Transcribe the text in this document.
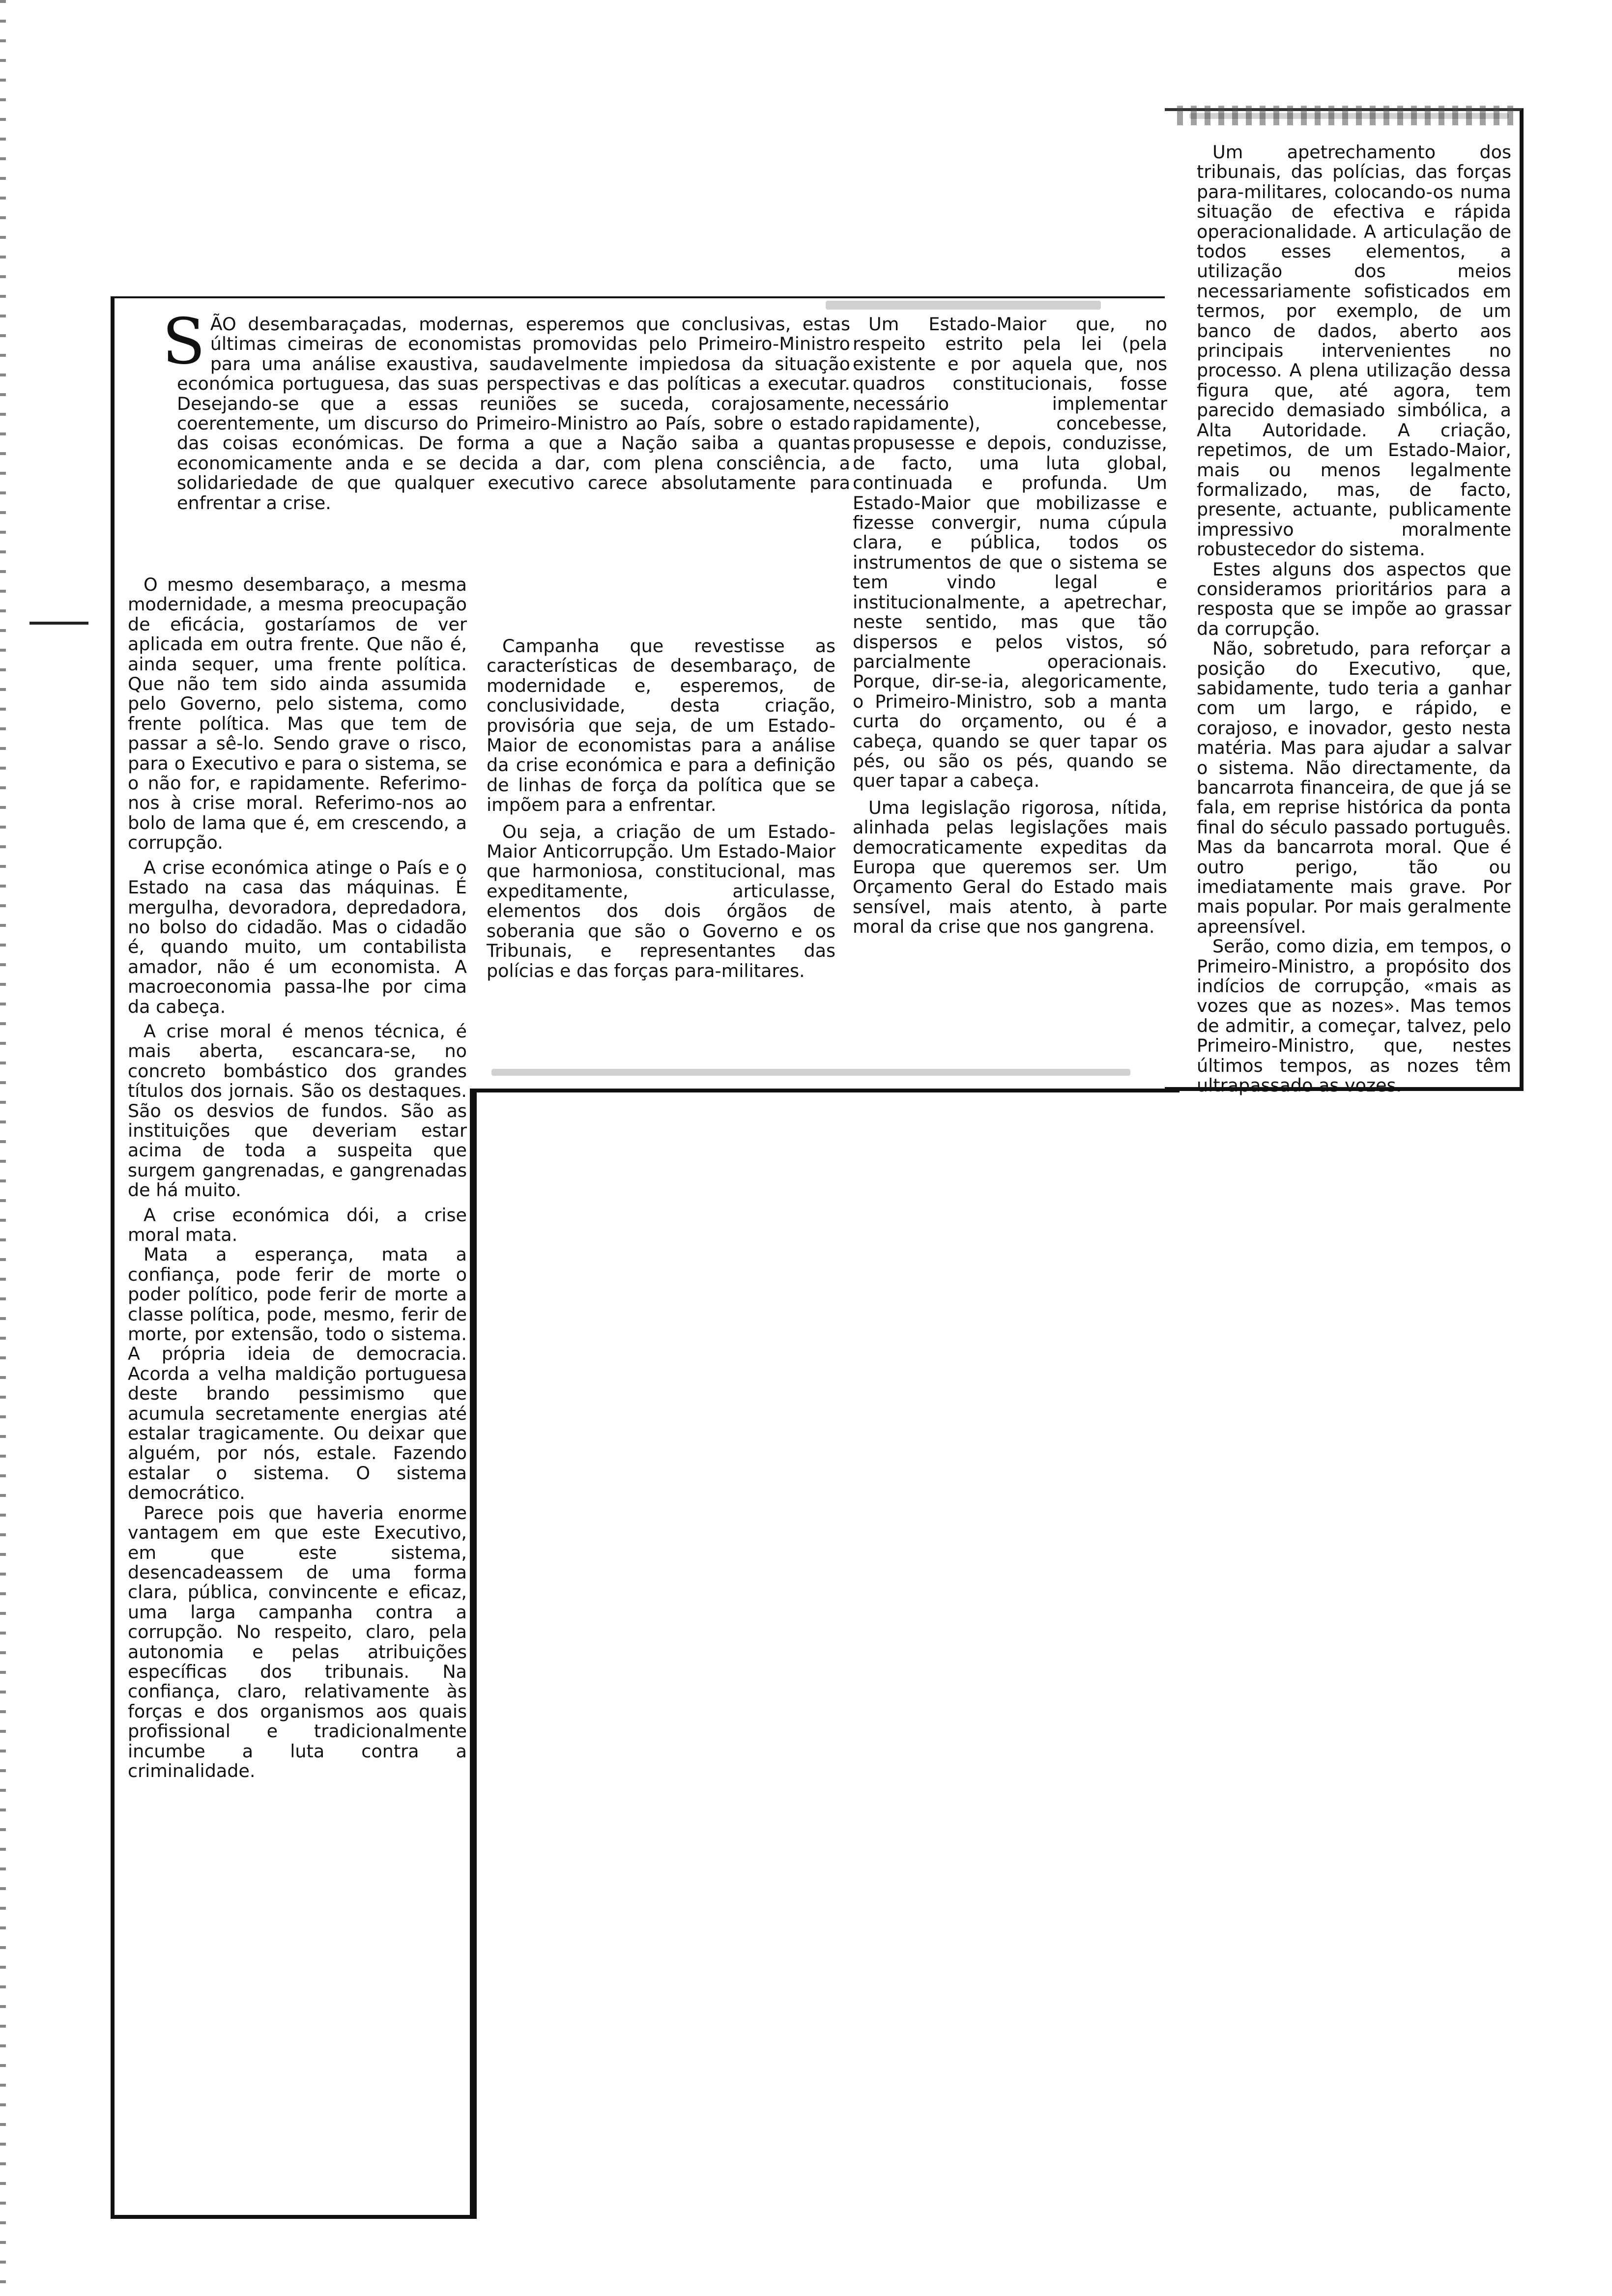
SÃO desembaraçadas, modernas, esperemos que conclusivas, estas últimas cimeiras de economistas promovidas pelo Primeiro-Ministro para uma análise exaustiva, saudavelmente impiedosa da situação económica portuguesa, das suas perspectivas e das políticas a executar. Desejando-se que a essas reuniões se suceda, corajosamente, coerentemente, um discurso do Primeiro-Ministro ao País, sobre o estado das coisas económicas. De forma a que a Nação saiba a quantas economicamente anda e se decida a dar, com plena consciência, a solidariedade de que qualquer executivo carece absolutamente para enfrentar a crise.

O mesmo desembaraço, a mesma modernidade, a mesma preocupação de eficácia, gostaríamos de ver aplicada em outra frente. Que não é, ainda sequer, uma frente política. Que não tem sido ainda assumida pelo Governo, pelo sistema, como frente política. Mas que tem de passar a sê-lo. Sendo grave o risco, para o Executivo e para o sistema, se o não for, e rapidamente. Referimo-nos à crise moral. Referimo-nos ao bolo de lama que é, em crescendo, a corrupção.

A crise económica atinge o País e o Estado na casa das máquinas. É mergulha, devoradora, depredadora, no bolso do cidadão. Mas o cidadão é, quando muito, um contabilista amador, não é um economista. A macroeconomia passa-lhe por cima da cabeça.

A crise moral é menos técnica, é mais aberta, escancara-se, no concreto bombástico dos grandes títulos dos jornais. São os destaques. São os desvios de fundos. São as instituições que deveriam estar acima de toda a suspeita que surgem gangrenadas, e gangrenadas de há muito.

A crise económica dói, a crise moral mata.

Mata a esperança, mata a confiança, pode ferir de morte o poder político, pode ferir de morte a classe política, pode, mesmo, ferir de morte, por extensão, todo o sistema. A própria ideia de democracia. Acorda a velha maldição portuguesa deste brando pessimismo que acumula secretamente energias até estalar tragicamente. Ou deixar que alguém, por nós, estale. Fazendo estalar o sistema. O sistema democrático.

Parece pois que haveria enorme vantagem em que este Executivo, em que este sistema, desencadeassem de uma forma clara, pública, convincente e eficaz, uma larga campanha contra a corrupção. No respeito, claro, pela autonomia e pelas atribuições específicas dos tribunais. Na confiança, claro, relativamente às forças e dos organismos aos quais profissional e tradicionalmente incumbe a luta contra a criminalidade.

Campanha que revestisse as características de desembaraço, de modernidade e, esperemos, de conclusividade, desta criação, provisória que seja, de um Estado-Maior de economistas para a análise da crise económica e para a definição de linhas de força da política que se impõem para a enfrentar.

Ou seja, a criação de um Estado-Maior Anticorrupção. Um Estado-Maior que harmoniosa, constitucional, mas expeditamente, articulasse, elementos dos dois órgãos de soberania que são o Governo e os Tribunais, e representantes das polícias e das forças para-militares.

Um Estado-Maior que, no respeito estrito pela lei (pela existente e por aquela que, nos quadros constitucionais, fosse necessário implementar rapidamente), concebesse, propusesse e depois, conduzisse, de facto, uma luta global, continuada e profunda. Um Estado-Maior que mobilizasse e fizesse convergir, numa cúpula clara, e pública, todos os instrumentos de que o sistema se tem vindo legal e institucionalmente, a apetrechar, neste sentido, mas que tão dispersos e pelos vistos, só parcialmente operacionais. Porque, dir-se-ia, alegoricamente, o Primeiro-Ministro, sob a manta curta do orçamento, ou é a cabeça, quando se quer tapar os pés, ou são os pés, quando se quer tapar a cabeça.

Uma legislação rigorosa, nítida, alinhada pelas legislações mais democraticamente expeditas da Europa que queremos ser. Um Orçamento Geral do Estado mais sensível, mais atento, à parte moral da crise que nos gangrena.

Um apetrechamento dos tribunais, das polícias, das forças para-militares, colocando-os numa situação de efectiva e rápida operacionalidade. A articulação de todos esses elementos, a utilização dos meios necessariamente sofisticados em termos, por exemplo, de um banco de dados, aberto aos principais intervenientes no processo. A plena utilização dessa figura que, até agora, tem parecido demasiado simbólica, a Alta Autoridade. A criação, repetimos, de um Estado-Maior, mais ou menos legalmente formalizado, mas, de facto, presente, actuante, publicamente impressivo moralmente robustecedor do sistema.

Estes alguns dos aspectos que consideramos prioritários para a resposta que se impõe ao grassar da corrupção.

Não, sobretudo, para reforçar a posição do Executivo, que, sabidamente, tudo teria a ganhar com um largo, e rápido, e corajoso, e inovador, gesto nesta matéria. Mas para ajudar a salvar o sistema. Não directamente, da bancarrota financeira, de que já se fala, em reprise histórica da ponta final do século passado português. Mas da bancarrota moral. Que é outro perigo, tão ou imediatamente mais grave. Por mais popular. Por mais geralmente apreensível.

Serão, como dizia, em tempos, o Primeiro-Ministro, a propósito dos indícios de corrupção, «mais as vozes que as nozes». Mas temos de admitir, a começar, talvez, pelo Primeiro-Ministro, que, nestes últimos tempos, as nozes têm ultrapassado as vozes.
